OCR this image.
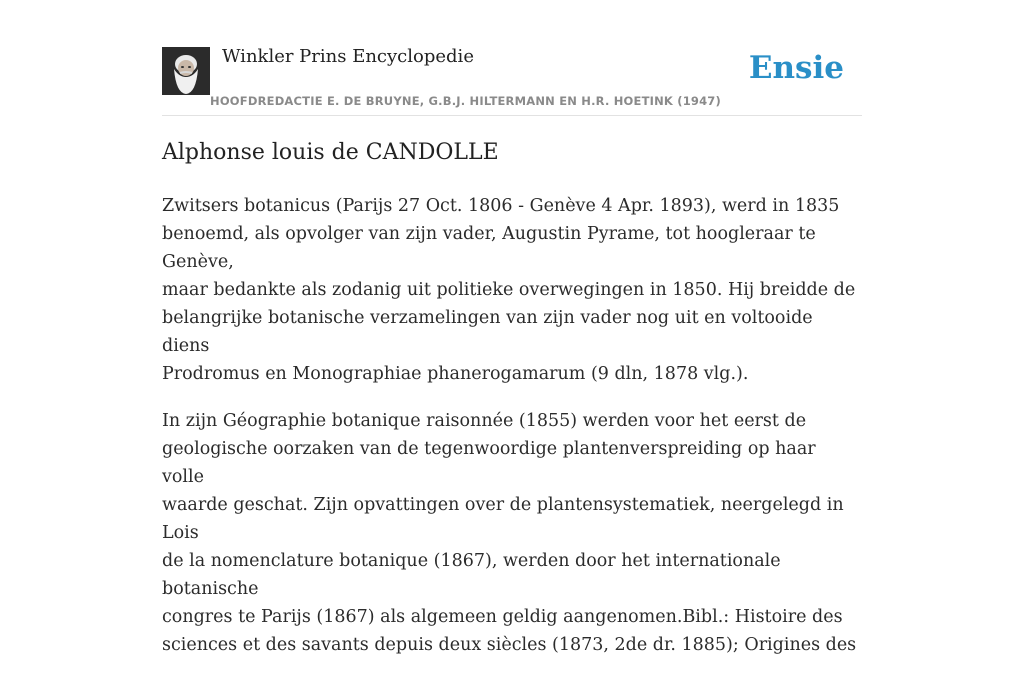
Winkler Prins Encyclopedie
HOOFDREDACTIE E. DE BRUYNE, G.B.J. HILTERMANN EN H.R. HOETINK (1947)
Ensie
Alphonse louis de CANDOLLE

Zwitsers botanicus (Parijs 27 Oct. 1806 - Genève 4 Apr. 1893), werd in 1835
benoemd, als opvolger van zijn vader, Augustin Pyrame, tot hoogleraar te Genève,
maar bedankte als zodanig uit politieke overwegingen in 1850. Hij breidde de
belangrijke botanische verzamelingen van zijn vader nog uit en voltooide diens
Prodromus en Monographiae phanerogamarum (9 dln, 1878 vlg.).

In zijn Géographie botanique raisonnée (1855) werden voor het eerst de
geologische oorzaken van de tegenwoordige plantenverspreiding op haar volle
waarde geschat. Zijn opvattingen over de plantensystematiek, neergelegd in Lois
de la nomenclature botanique (1867), werden door het internationale botanische
congres te Parijs (1867) als algemeen geldig aangenomen.Bibl.: Histoire des
sciences et des savants depuis deux siècles (1873, 2de dr. 1885); Origines des
